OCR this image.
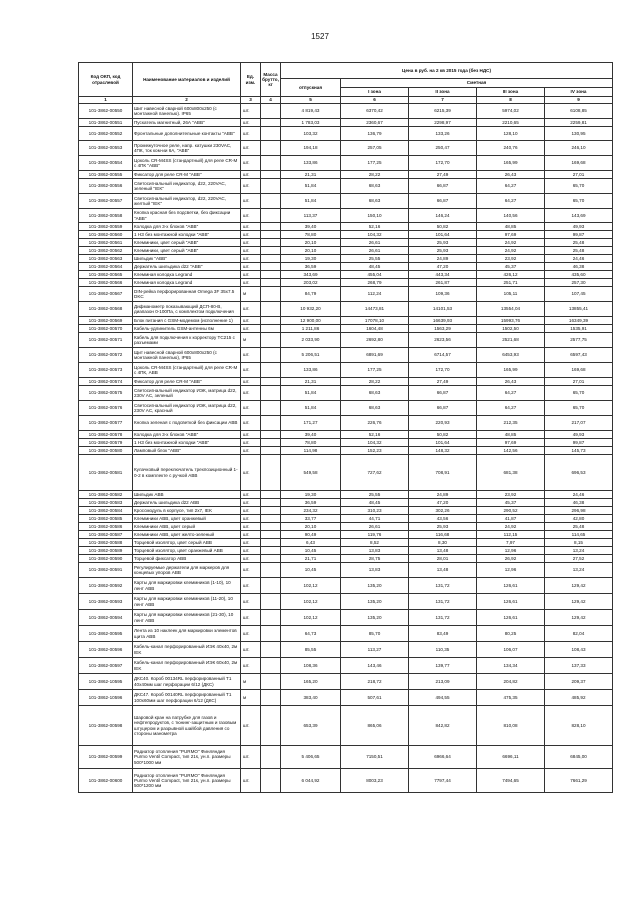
1527
Код ОКП, код отраслевой	Наименование материалов и изделий	Ед. изм.	Масса брутто, кг	Цена в руб. на 2 кв 2015 года (без НДС)				
				отпускная	Сметная			
					I зона	II зона	III зона	IV зона
1	2	3	4	5	6	7	8	9
101-3862-00550	Шит навесной сварной 600x800x250 (с монтажной панелью). IP65	шт.		4 819,43	6370,42	6215,39	5974,02	6108,85
101-3862-00551	Пускатель магнитный, 26А "АВВ"	шт.		1 783,03	2360,67	2298,97	2210,65	2259,81
101-3862-00552	Фронтальные дополнительные контакты "АВВ"	шт.		103,32	136,79	133,26	128,10	130,95
101-3862-00553	Промежуточное реле, напр. катушки 230VAC, 4ПК, ток ком-ии 6А, "АВВ"	шт.		194,18	257,05	250,47	240,76	246,10
101-3862-00554	Цоколь CR-M4SS (стандартный) для реле CR-M с 4ПК "АВВ"	шт.		133,86	177,25	172,70	165,99	169,68
101-3862-00555	Фиксатор для реле CR-M "АВВ"	шт.		21,31	28,22	27,49	26,43	27,01
101-3862-00556	Светосигнальный индикатор, d22, 220VAC, зеленый "IEK"	шт.		51,84	68,63	66,87	64,27	65,70
101-3862-00557	Светосигнальный индикатор, d22, 220VAC, желтый "IEK"	шт.		51,84	68,63	66,87	64,27	65,70
101-3862-00558	Кнопка красная без подсветки, без фиксации "АВВ"	шт.		113,37	150,10	146,24	140,56	143,69
101-3862-00559	Колодка для 3-х блоков "АВВ"	шт.		39,40	52,16	50,82	48,85	49,93
101-3862-00560	1 НЗ без монтажной колодки "АВВ"	шт.		78,80	104,32	101,64	97,69	99,87
101-3862-00561	Клеммники, цвет серый "АВВ"	шт.		20,10	26,61	25,93	24,92	25,48
101-3862-00562	Клеммники, цвет серый "АВВ"	шт.		20,10	26,61	25,93	24,92	25,48
101-3862-00563	Шильдик "АВВ"	шт.		19,30	25,55	24,89	23,92	24,46
101-3862-00564	Держатель шильдика d22 "АВВ"	шт.		36,59	48,45	47,20	45,37	46,38
101-3862-00565	Клеммная колодка Legrand	шт.		343,69	455,04	443,34	426,12	435,60
101-3862-00566	Клеммная колодка Legrand	шт.		203,02	268,79	261,87	251,71	257,30
101-3862-00567	DIN-рейка перфорированная Omega 3F 35x7.5 DKC	м		84,79	112,24	109,36	105,11	107,45
101-3862-00568	Дифманометр показывающий ДСП-80-В, диапазон 0-100Па, с комплектом подключения	шт.		10 932,20	14473,81	14101,53	13554,04	13855,41
101-3862-00569	Блок питания с GSM-модемом (исполнение 1)	шт.		12 900,00	17078,10	16639,93	15993,76	16349,39
101-3862-00570	Кабель-удлинитель GSM-антенны 6м	шт.		1 211,86	1604,48	1563,29	1502,50	1535,91
101-3862-00571	Кабель для подключения к корректору TC215 с разъемами	м		2 033,90	2692,80	2623,56	2521,68	2577,75
101-3862-00572	Щит навесной сварной 600x800x250 (с монтажной панелью), IP65	шт.		5 206,51	6891,69	6714,57	6453,93	6597,43
101-3862-00573	Цоколь CR-M4SS (стандартный) для реле CR-M с 4ПК, АВВ	шт.		133,86	177,25	172,70	165,99	169,68
101-3862-00574	Фиксатор для реле CR-M "АВВ"	шт.		21,31	28,22	27,49	26,43	27,01
101-3862-00575	Светосигнальный индикатор ИЭК, матрица d22, 230V AC, зеленый	шт.		51,84	68,63	66,87	64,27	65,70
101-3862-00576	Светосигнальный индикатор ИЭК, матрица d22, 230V AC, красный	шт.		51,84	68,63	66,87	64,27	65,70
101-3862-00577	Кнопка зеленая с подсветкой без фиксации АВВ	шт.		171,27	226,76	220,93	212,35	217,07
101-3862-00578	Колодка для 3-х блоков "АВВ"	шт.		39,40	52,16	50,82	48,85	49,93
101-3862-00579	1 НЗ без монтажной колодки "АВВ"	шт.		78,80	104,32	101,64	97,69	99,87
101-3862-00580	Ламповый блок "АВВ"	шт.		114,98	152,23	148,32	142,56	145,73
101-3862-00581	Кулачковый переключатель трехпозиционный 1-0-2 в комплекте с ручкой АВВ	шт.		549,58	727,62	708,91	681,38	696,53
101-3862-00582	Шильдик АВВ	шт.		19,30	25,55	24,89	23,92	24,46
101-3862-00583	Держатель шильдика d22 АВВ	шт.		36,59	48,45	47,20	45,37	46,38
101-3862-00584	Кроссмодуль в корпусе, тип 2x7, IEK	шт.		234,32	310,23	302,26	290,52	296,98
101-3862-00585	Клеммники АВВ, цвет оранжевый	шт.		33,77	44,71	43,56	41,87	42,80
101-3862-00586	Клеммники АВВ, цвет серый	шт.		20,10	26,61	25,93	24,92	25,48
101-3862-00587	Клеммники АВВ, цвет желто-зеленый	шт.		90,49	119,76	116,68	112,15	114,65
101-3862-00588	Торцевой изолятор, цвет серый АВВ	шт.		6,43	8,52	8,30	7,97	8,15
101-3862-00589	Торцевой изолятор, цвет оранжевый АВВ	шт.		10,45	13,83	13,48	12,96	13,24
101-3862-00590	Торцевой фиксатор АВВ	шт.		21,71	28,75	28,01	26,92	27,52
101-3862-00591	Регулируемые держатели для маркеров для концевых упоров АВВ	шт.		10,45	13,83	13,48	12,96	13,24
101-3862-00592	Карты для маркировки клеммников (1-10), 10 лент АВВ	шт.		102,12	135,20	131,72	126,61	129,42
101-3862-00593	Карты для маркировки клеммников (11-20), 10 лент АВВ	шт.		102,12	135,20	131,72	126,61	129,42
101-3862-00594	Карты для маркировки клеммников (21-30), 10 лент АВВ	шт.		102,12	135,20	131,72	126,61	129,42
101-3862-00595	Лента из 10 наклеек для маркировки элементов щита АВВ	шт.		64,73	85,70	83,49	80,25	82,04
101-3862-00596	Кабель-канал перфорированный ИЭК 40x40, 2м IEK	шт.		85,55	113,27	110,35	106,07	108,43
101-3862-00597	Кабель-канал перфорированный ИЭК 60x40, 2м IEK	шт.		108,36	143,46	139,77	134,34	137,33
101-3862-10595	ДКС40. Короб 00134RL перфорированный Т1 40x40мм шаг перфорации 6/12 (ДКС)	м		165,20	218,72	213,09	204,82	209,37
101-3862-10596	ДКС47. Короб 00140RL перфорированный Т1 100x60мм шаг перфорации 6/12 (ДКС)	м		383,40	507,61	494,55	475,35	485,92
101-3862-00598	Шаровой кран на патрубке для газов и нефтепродуктов, с тюнинг-защитным и газовым штуцером и разрывной шайбой давления со стороны манометра	шт.		653,39	865,06	842,82	810,08	828,10
101-3862-00599	Радиатор отопления "PURMO" Финляндия Purmo Ventil Compact, тип 21s, ун.п. размеры 500*1000 мм	шт.		5 406,65	7150,51	6966,64	6696,11	6845,00
101-3862-00600	Радиатор отопления "PURMO" Финляндия Purmo Ventil Compact, тип 21s, ун.п. размеры 500*1200 мм	шт.		6 044,92	8003,23	7797,44	7494,65	7661,29
